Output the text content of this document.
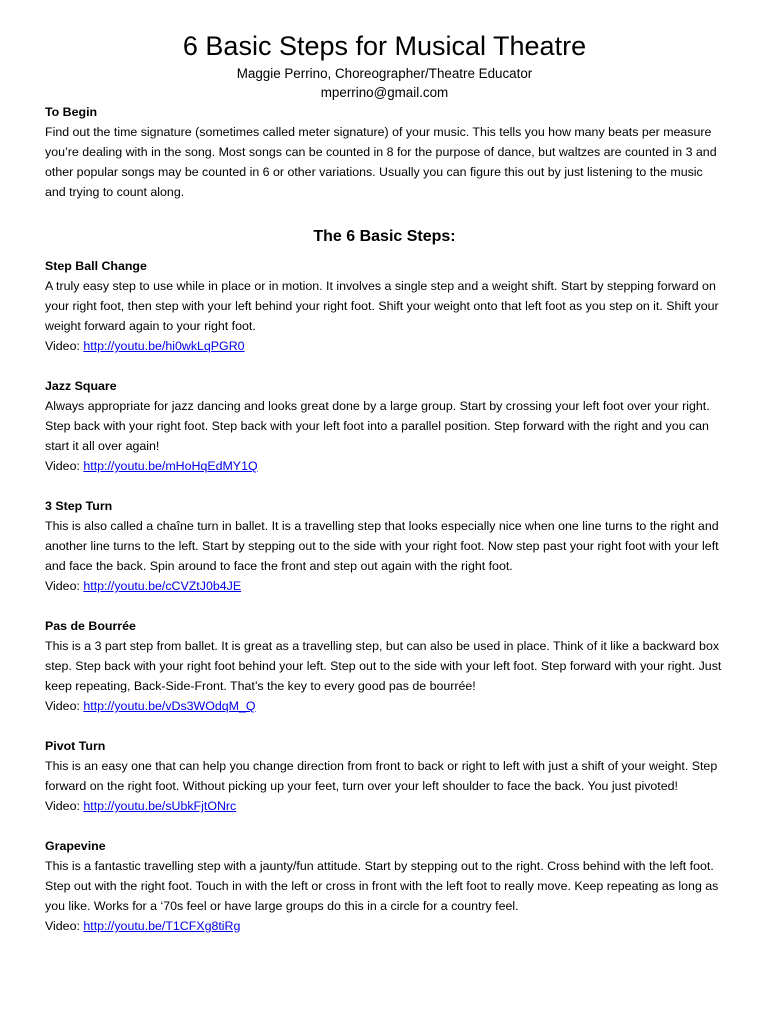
6 Basic Steps for Musical Theatre

Maggie Perrino, Choreographer/Theatre Educator

mperrino@gmail.com

To Begin

Find out the time signature (sometimes called meter signature) of your music. This tells you how many beats per measure you’re dealing with in the song. Most songs can be counted in 8 for the purpose of dance, but waltzes are counted in 3 and other popular songs may be counted in 6 or other variations. Usually you can figure this out by just listening to the music and trying to count along.

The 6 Basic Steps:

Step Ball Change

A truly easy step to use while in place or in motion. It involves a single step and a weight shift. Start by stepping forward on your right foot, then step with your left behind your right foot. Shift your weight onto that left foot as you step on it. Shift your weight forward again to your right foot.

Video: http://youtu.be/hi0wkLqPGR0

Jazz Square

Always appropriate for jazz dancing and looks great done by a large group. Start by crossing your left foot over your right. Step back with your right foot. Step back with your left foot into a parallel position. Step forward with the right and you can start it all over again!

Video: http://youtu.be/mHoHqEdMY1Q

3 Step Turn

This is also called a chaîne turn in ballet. It is a travelling step that looks especially nice when one line turns to the right and another line turns to the left. Start by stepping out to the side with your right foot. Now step past your right foot with your left and face the back. Spin around to face the front and step out again with the right foot.

Video: http://youtu.be/cCVZtJ0b4JE

Pas de Bourrée

This is a 3 part step from ballet. It is great as a travelling step, but can also be used in place. Think of it like a backward box step. Step back with your right foot behind your left. Step out to the side with your left foot. Step forward with your right. Just keep repeating, Back-Side-Front. That’s the key to every good pas de bourrée!

Video: http://youtu.be/vDs3WOdqM_Q

Pivot Turn

This is an easy one that can help you change direction from front to back or right to left with just a shift of your weight. Step forward on the right foot. Without picking up your feet, turn over your left shoulder to face the back. You just pivoted!

Video: http://youtu.be/sUbkFjtONrc

Grapevine

This is a fantastic travelling step with a jaunty/fun attitude. Start by stepping out to the right. Cross behind with the left foot. Step out with the right foot. Touch in with the left or cross in front with the left foot to really move. Keep repeating as long as you like. Works for a ‘70s feel or have large groups do this in a circle for a country feel.

Video: http://youtu.be/T1CFXg8tiRg
